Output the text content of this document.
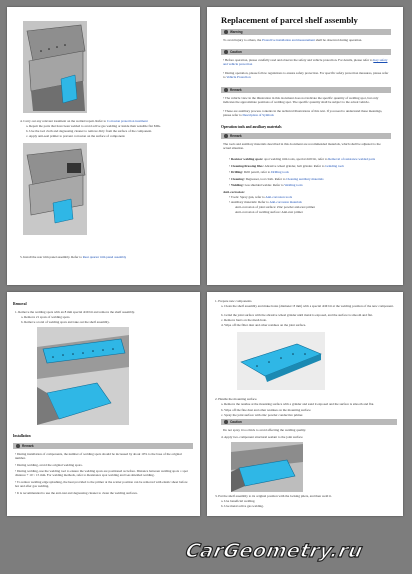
4. Carry out any relevant treatment on the welded repair. Refer to Corrosion protection treatment
a. Repair the parts that have been welded to avoid active gas welding or inside their sensible flat MIG.
b. Use the tool cloth and degreasing cleaner to remove dirty from the surface of the component.
c. Apply anti-seal primer to prevent corrosion on the surface of component.
5. Install the rear trim panel assembly. Refer to Rear quarter trim panel assembly
Replacement of parcel shelf assembly
Warning
To avoid injury to others, the Protective installation and measurement shall be observed during operation.
Caution
• Before operation, please carefully read and observe the safety and vehicle protection. For details, please refer to Key safety and vehicle protection
• During operation, please follow regulations to ensure safety protection. For specific safety protection measures, please refer to Vehicle Protection
Remark
• The vehicle view in the illustration in this document does not indicate the specific quantity of welding spot, but only indicates the approximate positions of welding spot. The specific quantity shall be subject to the actual vehicle.
• These are auxiliary process contents in the technical illustrations of this text. If you need to understand these meanings, please refer to Description of Symbols
Operation tools and auxiliary materials
Remark
The tools and auxiliary materials described in this document are recommended materials, which shall be adjusted to the actual situation.
• Resistor welding spots: spot welding trim tools, special drill bit, refer to Removal of resistance welded parts
• Cleaning/dressing files: Abrasive wheel grinder, belt grinder. Refer to Grinding tools
• Drilling: Drill pencil, refer to Drilling tools
• Cleaning: Degreaser, tool cloth. Refer to Cleaning auxiliary materials
• Welding: Gas shielded welder. Refer to Welding tools
Anti-corrosion:
• Tools: Spray gun, refer to Anti-corrosion tools
• Auxiliary materials: Refer to Anti-corrosion materials
Anti-corrosion of joint surface: Zinc powder anti-rust primer
Anti-corrosion of welding surface: Anti-rust primer
Removal
1. Remove the welding spots with an 8 mm special drill bit and remove the shelf assembly.
a. Remove 21 spots of welding spots.
b. Remove a total of welding spots and take out the shelf assembly.
Installation
Remark
• During installation of components, the number of welding spots should be increased by about 10% to the base of the original number.
• During welding, avoid the original welding spots.
• During welding, use the welding tool to ensure the welding spots are positioned as before. Distance between welding spots = spot distance + 10 ~ 15 mm. For welding methods, refer to Resistance spot welding and Gas shielded welding.
• To reduce welding edge splashing, the heat provided to the primer at the scatter position can be removed with elastic sheet before hot and after gas welding.
• It is recommended to use the anti-rust and degreasing cleaner to clean the welding surfaces.
1. Prepare new components.
a. Clean the shelf assembly and make holes (diameter: 8 mm) with a special drill bit at the welding position of the new component.
b. Grind the joint surface with the abrasive wheel grinder until metal is exposed, and the surface is smooth and flat.
c. Remove burrs on the mesh hole.
d. Wipe off the filter dust and other residues on the joint surface.
2. Handle the mounting surface.
a. Remove the residue at the mounting surface with a grinder and sand it exposed and the surface is smooth and flat.
b. Wipe off the fine dust and other residues on the mounting surface.
c. Spray the joint surface with zinc powder conductive primer.
Caution
Do not spray it too thick to avoid affecting the welding quality.
d. Apply two-component structural sealant to the joint surface.
3. Put the shelf assembly to its original position with the locking pliers, and then weld it.
a. Use beneficial welding.
b. Use metal active gas welding.
CarGeometry.ru
